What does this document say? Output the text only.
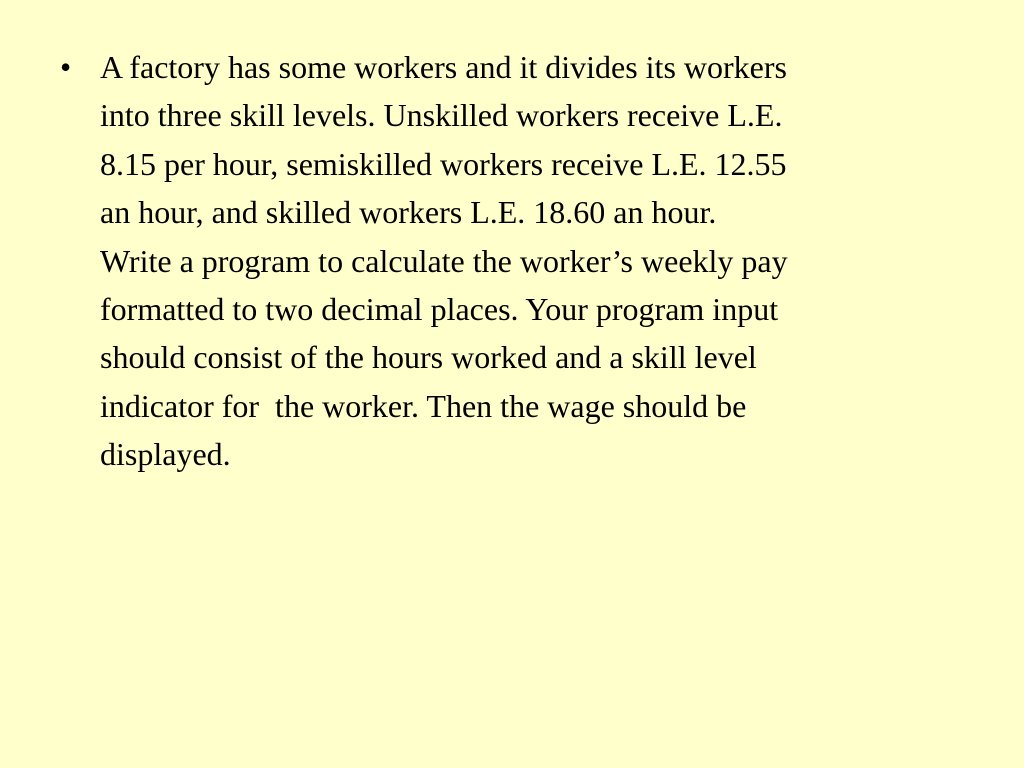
• A factory has some workers and it divides its workers
into three skill levels. Unskilled workers receive L.E.
8.15 per hour, semiskilled workers receive L.E. 12.55
an hour, and skilled workers L.E. 18.60 an hour.
Write a program to calculate the worker’s weekly pay
formatted to two decimal places. Your program input
should consist of the hours worked and a skill level
indicator for  the worker. Then the wage should be
displayed.
